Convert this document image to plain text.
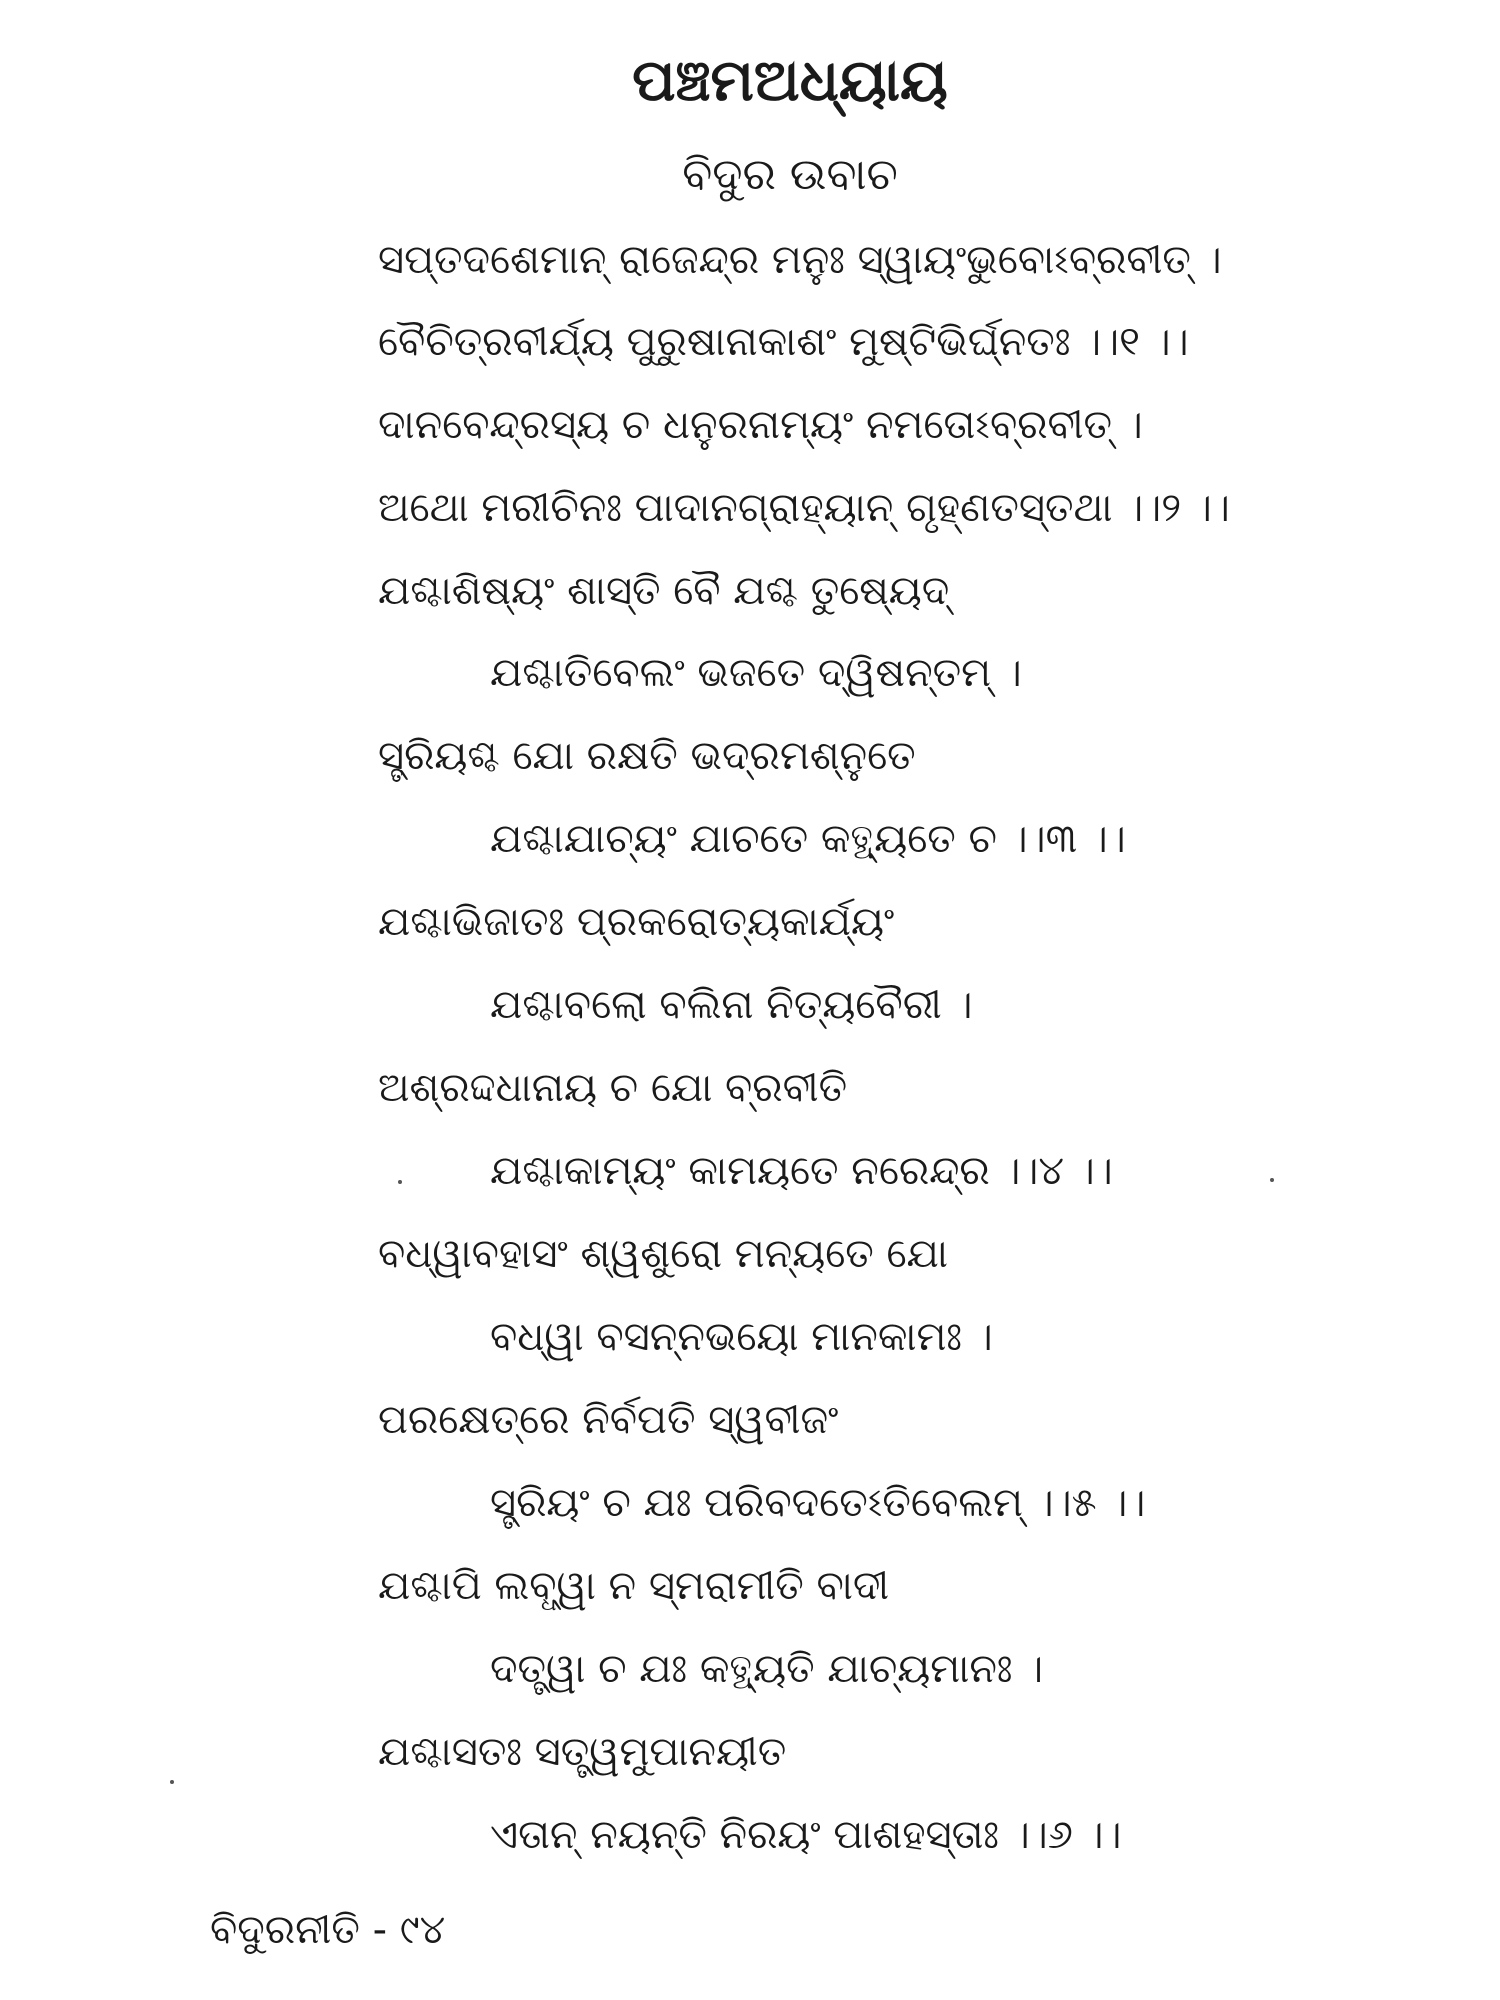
ପଞ୍ଚମଅଧ୍ୟାୟ
ବିଦୁର ଉବାଚ
ସପ୍ତଦଶେମାନ୍ ରାଜେନ୍ଦ୍ର ମନୁଃ ସ୍ୱାୟଂଭୁବୋଽବ୍ରବୀତ୍ ।
ବୈଚିତ୍ରବୀର୍ଯ୍ୟ ପୁରୁଷାନାକାଶଂ ମୁଷ୍ଟିଭିର୍ଘ୍ନତଃ ।।୧ ।।
ଦାନବେନ୍ଦ୍ରସ୍ୟ ଚ ଧନୁରନାମ୍ୟଂ ନମତୋଽବ୍ରବୀତ୍ ।
ଅଥୋ ମରୀଚିନଃ ପାଦାନଗ୍ରାହ୍ୟାନ୍ ଗୃହ୍ଣତସ୍ତଥା ।।୨ ।।
ଯଶ୍ଚାଶିଷ୍ୟଂ ଶାସ୍ତି ବୈ ଯଶ୍ଚ ତୁଷ୍ୟେଦ୍
ଯଶ୍ଚାତିବେଲଂ ଭଜତେ ଦ୍ୱିଷନ୍ତମ୍ ।
ସ୍ତ୍ରିୟଶ୍ଚ ଯୋ ରକ୍ଷତି ଭଦ୍ରମଶ୍ନୁତେ
ଯଶ୍ଚାଯାଚ୍ୟଂ ଯାଚତେ କତ୍ଥ୍ୟତେ ଚ ।।୩ ।।
ଯଶ୍ଚାଭିଜାତଃ ପ୍ରକରୋତ୍ୟକାର୍ଯ୍ୟଂ
ଯଶ୍ଚାବଲୋ ବଲିନା ନିତ୍ୟବୈରୀ ।
ଅଶ୍ରଦ୍ଦଧାନାୟ ଚ ଯୋ ବ୍ରବୀତି
ଯଶ୍ଚାକାମ୍ୟଂ କାମୟତେ ନରେନ୍ଦ୍ର ।।୪ ।।
ବଧ୍ୱାବହାସଂ ଶ୍ୱଶୁରୋ ମନ୍ୟତେ ଯୋ
ବଧ୍ୱା ବସନ୍ନଭୟୋ ମାନକାମଃ ।
ପରକ୍ଷେତ୍ରେ ନିର୍ବପତି ସ୍ୱବୀଜଂ
ସ୍ତ୍ରିୟଂ ଚ ଯଃ ପରିବଦତେଽତିବେଲମ୍ ।।୫ ।।
ଯଶ୍ଚାପି ଲବ୍ଧ୍ୱା ନ ସ୍ମରାମୀତି ବାଦୀ
ଦତ୍ତ୍ୱା ଚ ଯଃ କତ୍ଥ୍ୟତି ଯାଚ୍ୟମାନଃ ।
ଯଶ୍ଚାସତଃ ସତ୍ତ୍ୱମୁପାନୟୀତ
ଏତାନ୍ ନୟନ୍ତି ନିରୟଂ ପାଶହସ୍ତାଃ ।।୬ ।।
ବିଦୁରନୀତି - ୯୪
